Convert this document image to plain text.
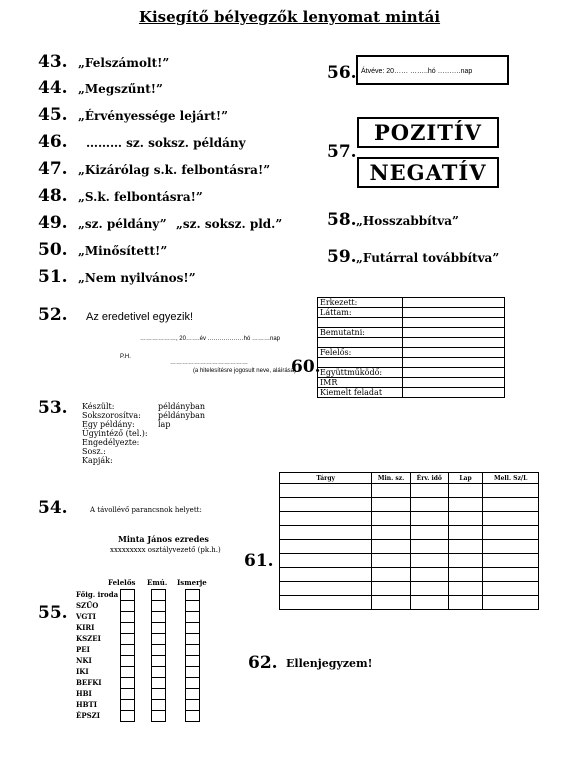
Kisegítő bélyegzők lenyomat mintái
43. „Felszámolt!”
44. „Megszűnt!”
45. „Érvényessége lejárt!”
46. ……… sz. soksz. példány
47. „Kizárólag s.k. felbontásra!”
48. „S.k. felbontásra!”
49. „sz. példány” „sz. soksz. pld.”
50. „Minősített!”
51. „Nem nyilvános!”
52. Az eredetivel egyezik!
………………, 20…….év ………………hó ………nap
P.H.
…………………………………
(a hitelesítésre jogosult neve, aláírása)
53. Készült:	példányban
Sokszorosítva:	példányban
Egy példány:	lap
Ügyintéző (tel.):	
Engedélyezte:	
Sosz.:	
Kapják:	
54.	A távollévő parancsnok helyett:
Minta János ezredes
xxxxxxxxx osztályvezető (pk.h.)
55.
Felelős Emú. Ismerje
Főig. iroda
SZŰO
VGTI
KIRI
KSZEI
PEI
NKI
IKI
BEFKI
HBI
HBTI
ÉPSZI
56. Átvéve: 20…… ……..hó ……….nap
57.
POZITÍV
NEGATÍV
58. „Hosszabbítva”
59. „Futárral továbbítva”
60.
Érkezett:	
Láttam:	

Bemutatni:	

Felelős:	

Együttműködő:	
IMR	
Kiemelt feladat	
61.
Tárgy	Min. sz.	Érv. idő	Lap	Mell. Sz/L

62. Ellenjegyzem!
